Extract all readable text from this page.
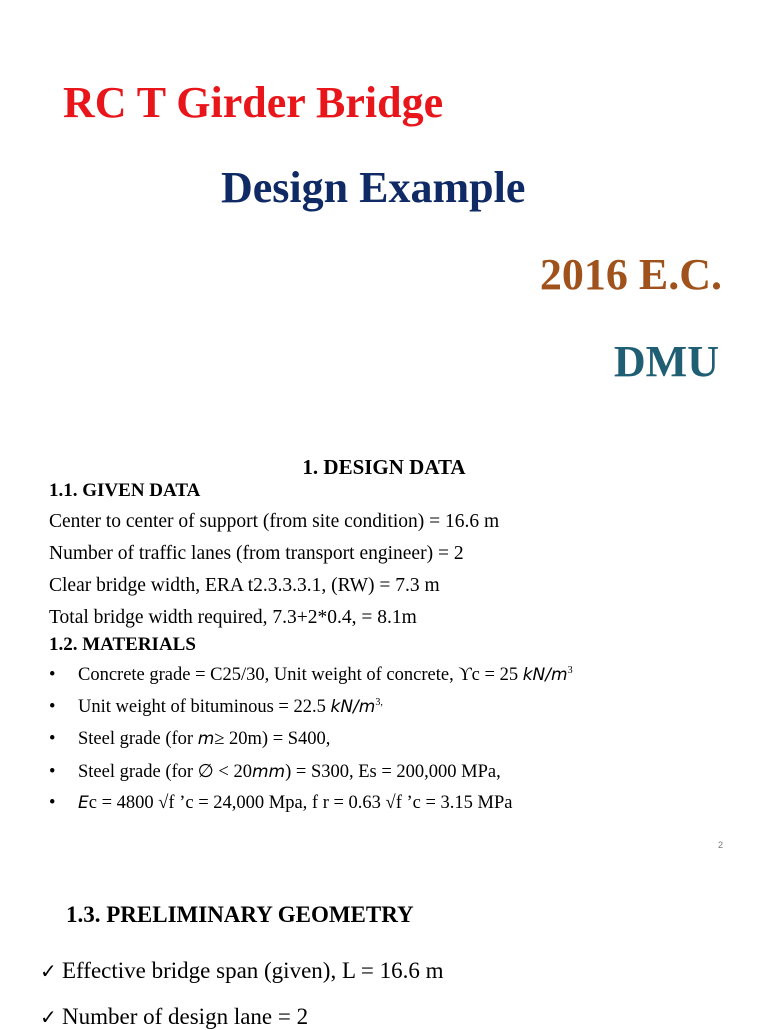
RC T Girder Bridge
Design Example
2016 E.C.
DMU
1. DESIGN DATA
1.1. GIVEN DATA
Center to center of support (from site condition) = 16.6 m
Number of traffic lanes (from transport engineer) = 2
Clear bridge width, ERA t2.3.3.3.1, (RW) = 7.3 m
Total bridge width required, 7.3+2*0.4, = 8.1m
1.2. MATERIALS
• Concrete grade = C25/30, Unit weight of concrete, ϒc = 25 $kN/m^3$
• Unit weight of bituminous = 22.5 $kN/m^{3,}$
• Steel grade (for m≥ 20m) = S400,
• Steel grade (for ∅ < 20mm) = S300, Es = 200,000 MPa,
• Ec = 4800 √f ’c = 24,000 Mpa, f r = 0.63 √f ’c = 3.15 MPa
2
1.3. PRELIMINARY GEOMETRY
✓ Effective bridge span (given), L = 16.6 m
✓ Number of design lane = 2
